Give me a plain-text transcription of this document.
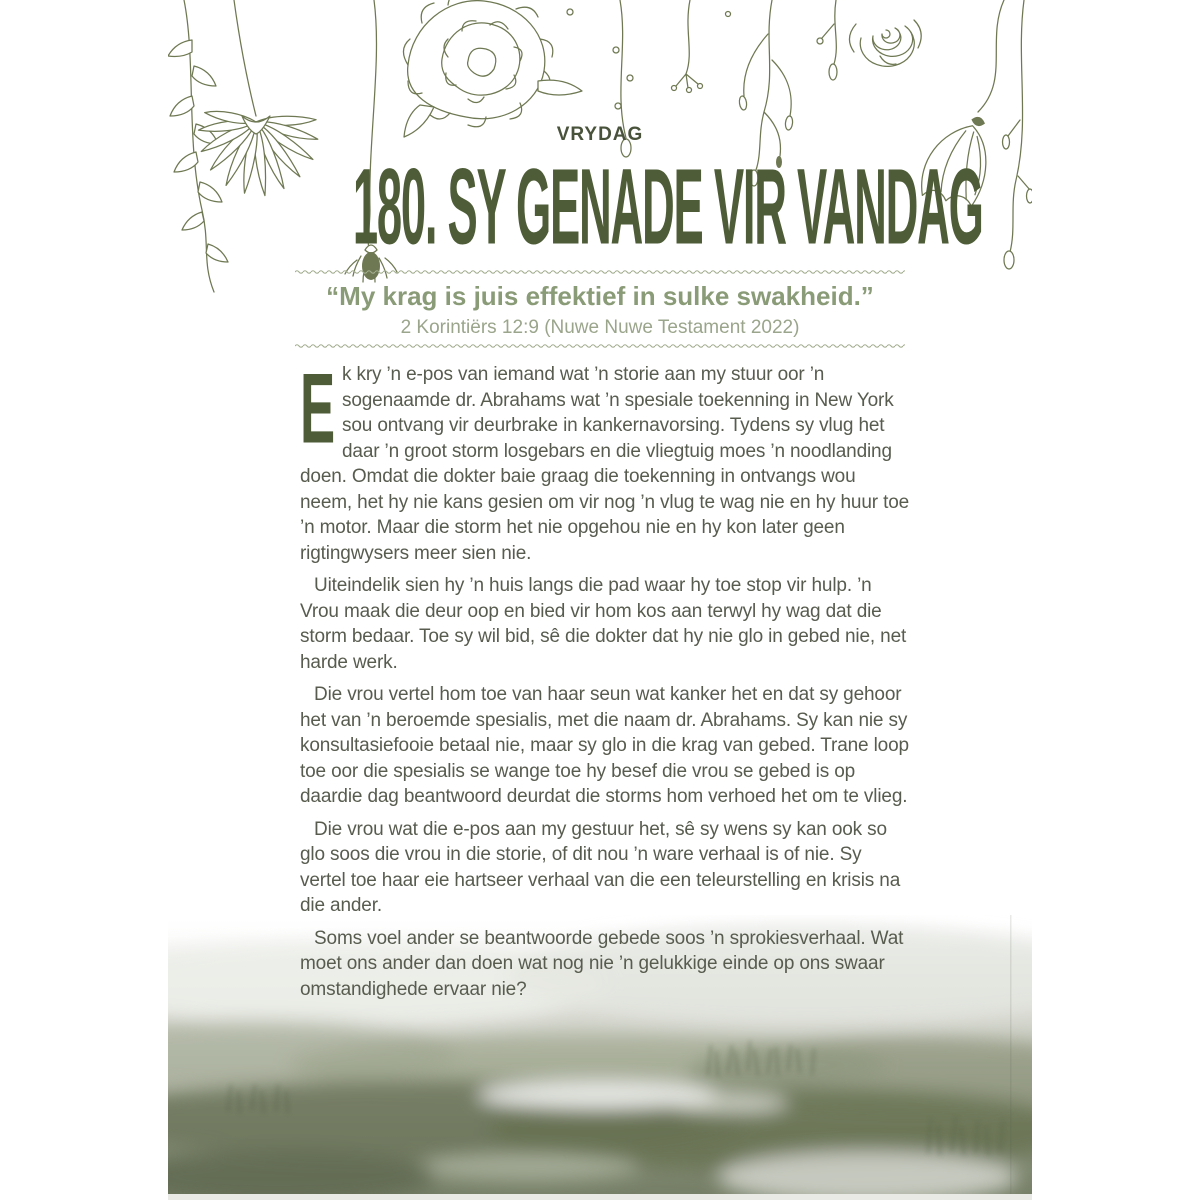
VRYDAG
180. SY GENADE VIR VANDAG
“My krag is juis effektief in sulke swakheid.”
2 Korintiërs 12:9 (Nuwe Nuwe Testament 2022)

Ek kry ’n e-pos van iemand wat ’n storie aan my stuur oor ’n sogenaamde dr. Abrahams wat ’n spesiale toekenning in New York sou ontvang vir deurbrake in kankernavorsing. Tydens sy vlug het daar ’n groot storm losgebars en die vliegtuig moes ’n noodlanding doen. Omdat die dokter baie graag die toekenning in ontvangs wou neem, het hy nie kans gesien om vir nog ’n vlug te wag nie en hy huur toe ’n motor. Maar die storm het nie opgehou nie en hy kon later geen rigtingwysers meer sien nie.

Uiteindelik sien hy ’n huis langs die pad waar hy toe stop vir hulp. ’n Vrou maak die deur oop en bied vir hom kos aan terwyl hy wag dat die storm bedaar. Toe sy wil bid, sê die dokter dat hy nie glo in gebed nie, net harde werk.

Die vrou vertel hom toe van haar seun wat kanker het en dat sy gehoor het van ’n beroemde spesialis, met die naam dr. Abrahams. Sy kan nie sy konsultasiefooie betaal nie, maar sy glo in die krag van gebed. Trane loop toe oor die spesialis se wange toe hy besef die vrou se gebed is op daardie dag beantwoord deurdat die storms hom verhoed het om te vlieg.

Die vrou wat die e-pos aan my gestuur het, sê sy wens sy kan ook so glo soos die vrou in die storie, of dit nou ’n ware verhaal is of nie. Sy vertel toe haar eie hartseer verhaal van die een teleurstelling en krisis na die ander.

Soms voel ander se beantwoorde gebede soos ’n sprokiesverhaal. Wat moet ons ander dan doen wat nog nie ’n gelukkige einde op ons swaar omstandighede ervaar nie?
